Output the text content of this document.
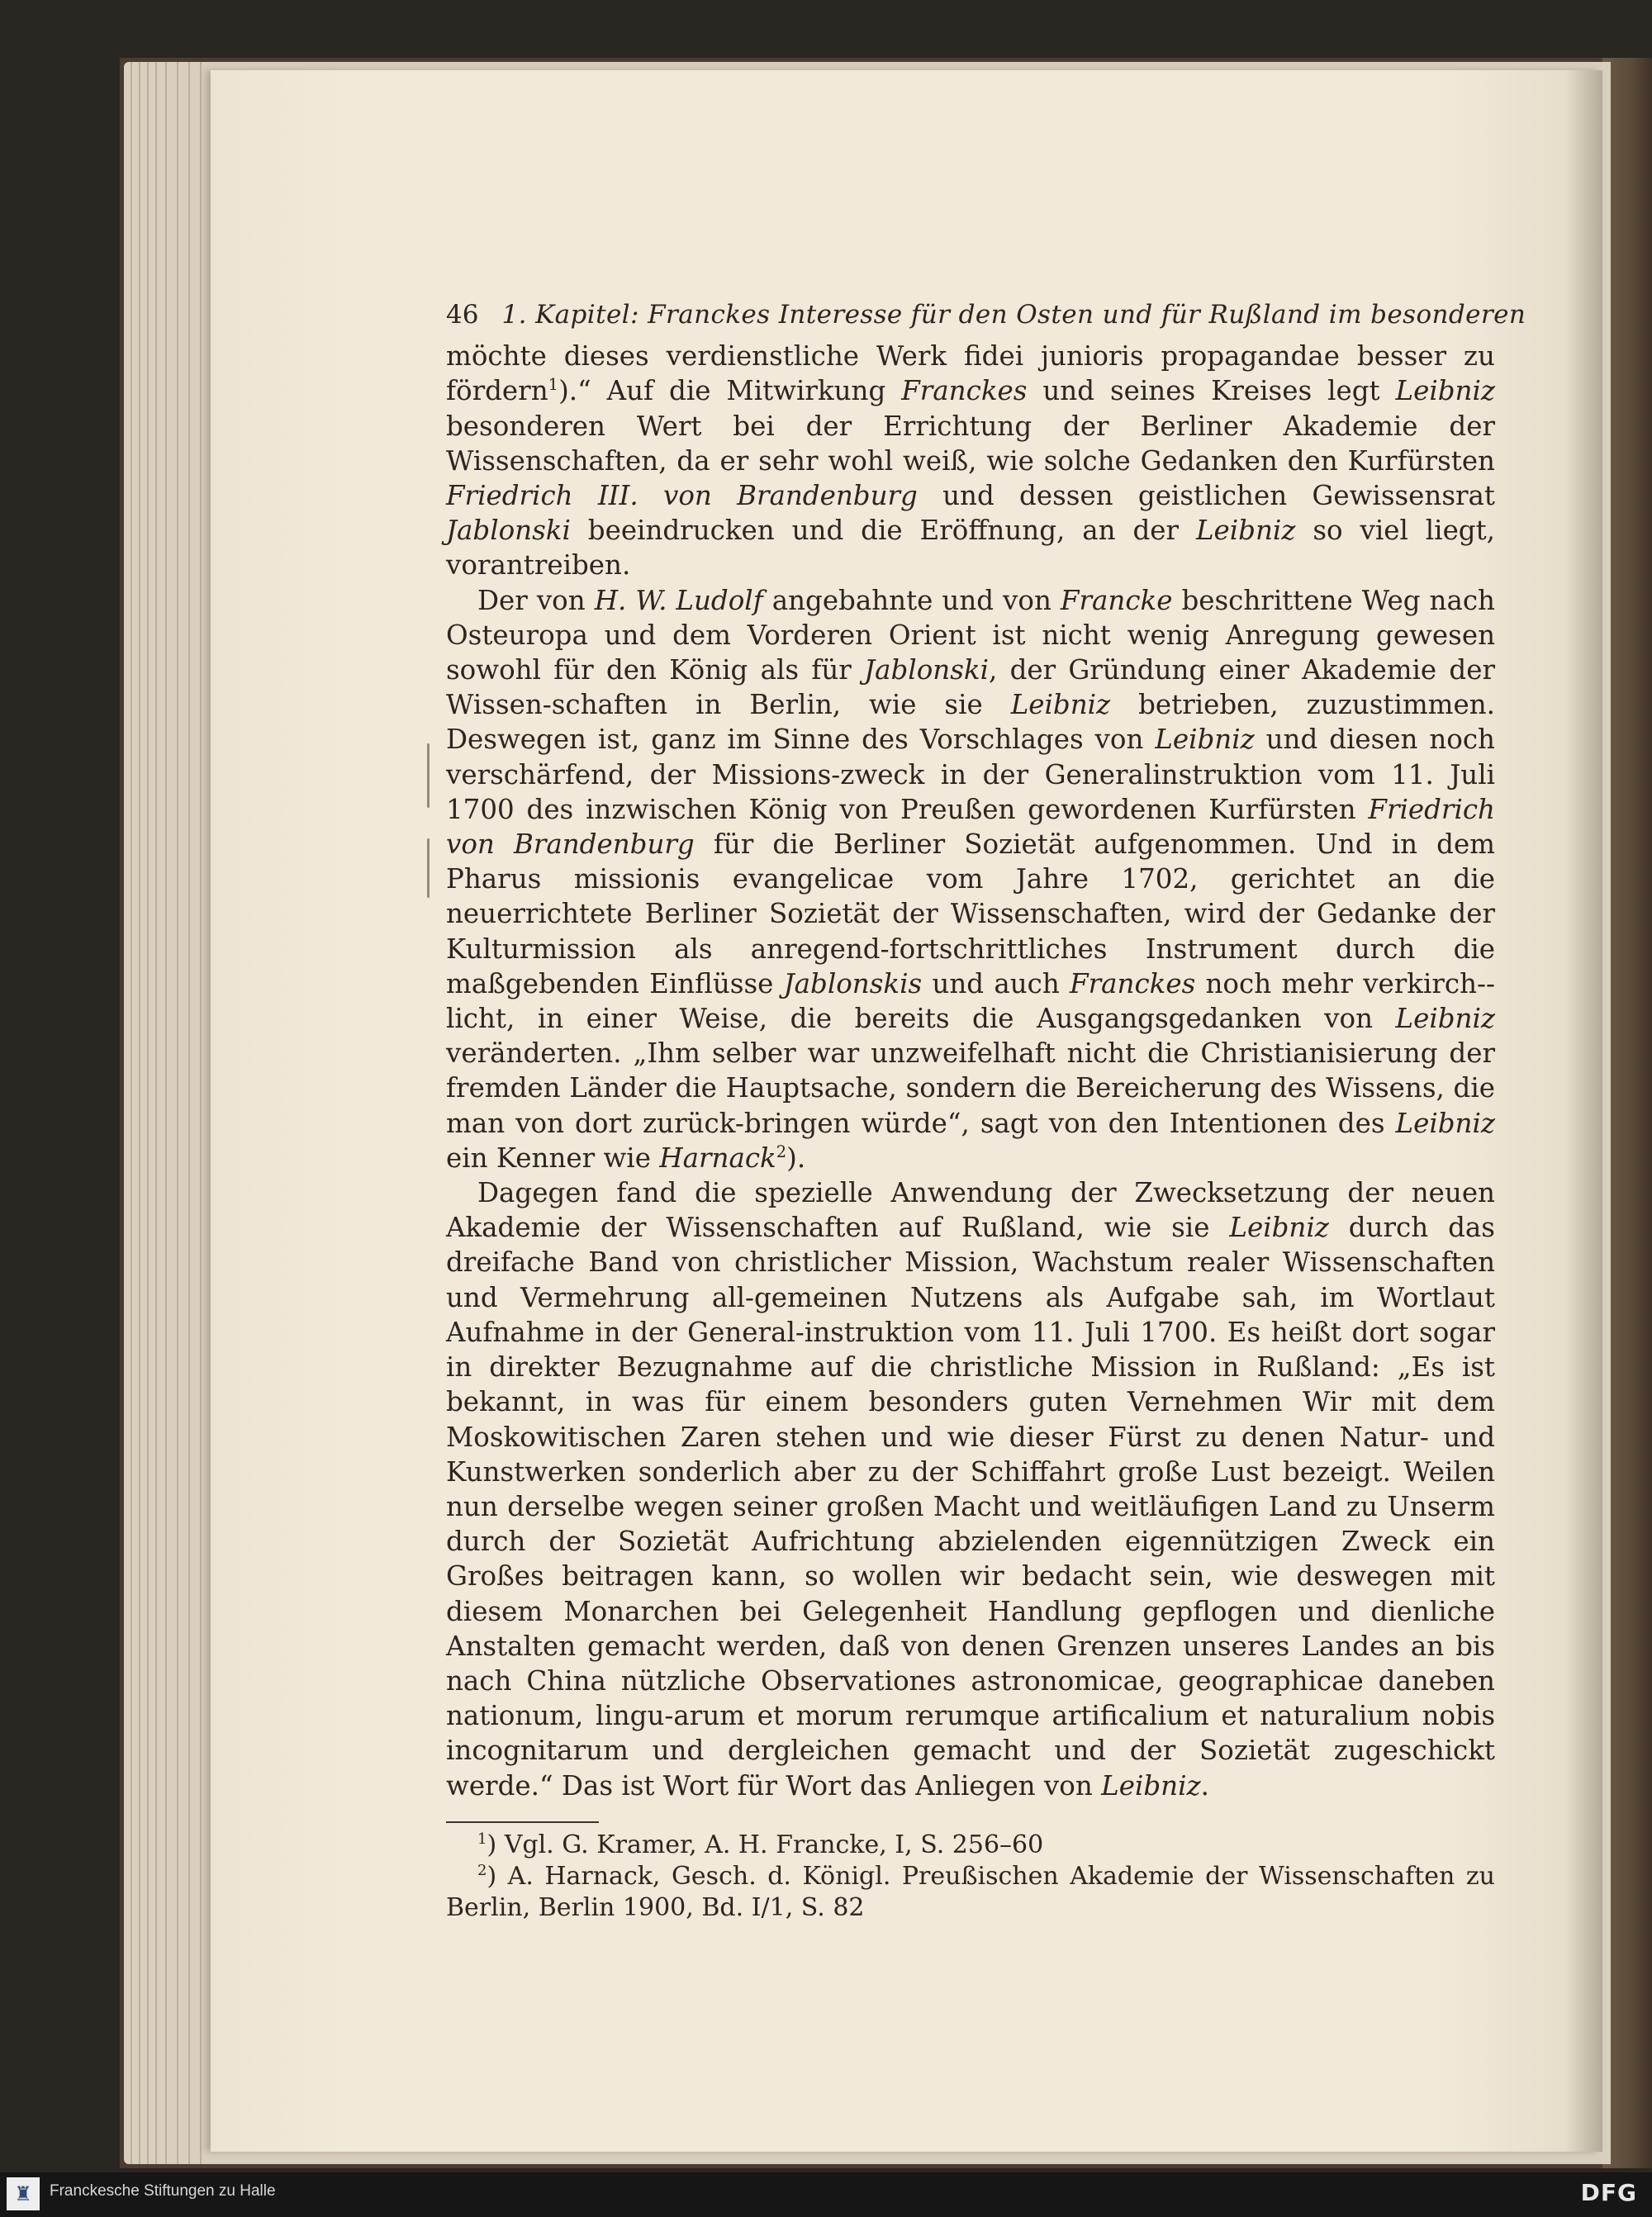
46 1. Kapitel: Franckes Interesse für den Osten und für Rußland im besonderen

möchte dieses verdienstliche Werk fidei junioris propagandae besser zu fördern$^1$).“ Auf die Mitwirkung Franckes und seines Kreises legt Leibniz besonderen Wert bei der Errichtung der Berliner Akademie der Wissenschaften, da er sehr wohl weiß, wie solche Gedanken den Kurfürsten Friedrich III. von Brandenburg und dessen geistlichen Gewissensrat Jablonski beeindrucken und die Eröffnung, an der Leibniz so viel liegt, vorantreiben.

Der von H. W. Ludolf angebahnte und von Francke beschrittene Weg nach Osteuropa und dem Vorderen Orient ist nicht wenig Anregung gewesen sowohl für den König als für Jablonski, der Gründung einer Akademie der Wissen-schaften in Berlin, wie sie Leibniz betrieben, zuzustimmen. Deswegen ist, ganz im Sinne des Vorschlages von Leibniz und diesen noch verschärfend, der Missions-zweck in der Generalinstruktion vom 11. Juli 1700 des inzwischen König von Preußen gewordenen Kurfürsten Friedrich von Brandenburg für die Berliner Sozietät aufgenommen. Und in dem Pharus missionis evangelicae vom Jahre 1702, gerichtet an die neuerrichtete Berliner Sozietät der Wissenschaften, wird der Gedanke der Kulturmission als anregend-fortschrittliches Instrument durch die maßgebenden Einflüsse Jablonskis und auch Franckes noch mehr verkirch-licht, in einer Weise, die bereits die Ausgangsgedanken von Leibniz veränderten. „Ihm selber war unzweifelhaft nicht die Christianisierung der fremden Länder die Hauptsache, sondern die Bereicherung des Wissens, die man von dort zurück-bringen würde“, sagt von den Intentionen des Leibniz ein Kenner wie Harnack$^2$).

Dagegen fand die spezielle Anwendung der Zwecksetzung der neuen Akademie der Wissenschaften auf Rußland, wie sie Leibniz durch das dreifache Band von christlicher Mission, Wachstum realer Wissenschaften und Vermehrung all-gemeinen Nutzens als Aufgabe sah, im Wortlaut Aufnahme in der General-instruktion vom 11. Juli 1700. Es heißt dort sogar in direkter Bezugnahme auf die christliche Mission in Rußland: „Es ist bekannt, in was für einem besonders guten Vernehmen Wir mit dem Moskowitischen Zaren stehen und wie dieser Fürst zu denen Natur- und Kunstwerken sonderlich aber zu der Schiffahrt große Lust bezeigt. Weilen nun derselbe wegen seiner großen Macht und weitläufigen Land zu Unserm durch der Sozietät Aufrichtung abzielenden eigennützigen Zweck ein Großes beitragen kann, so wollen wir bedacht sein, wie deswegen mit diesem Monarchen bei Gelegenheit Handlung gepflogen und dienliche Anstalten gemacht werden, daß von denen Grenzen unseres Landes an bis nach China nützliche Observationes astronomicae, geographicae daneben nationum, lingu-arum et morum rerumque artificalium et naturalium nobis incognitarum und dergleichen gemacht und der Sozietät zugeschickt werde.“ Das ist Wort für Wort das Anliegen von Leibniz.

$^1$) Vgl. G. Kramer, A. H. Francke, I, S. 256–60

$^2$) A. Harnack, Gesch. d. Königl. Preußischen Akademie der Wissenschaften zu Berlin, Berlin 1900, Bd. I/1, S. 82

♜	Franckesche Stiftungen zu Halle	DFG
